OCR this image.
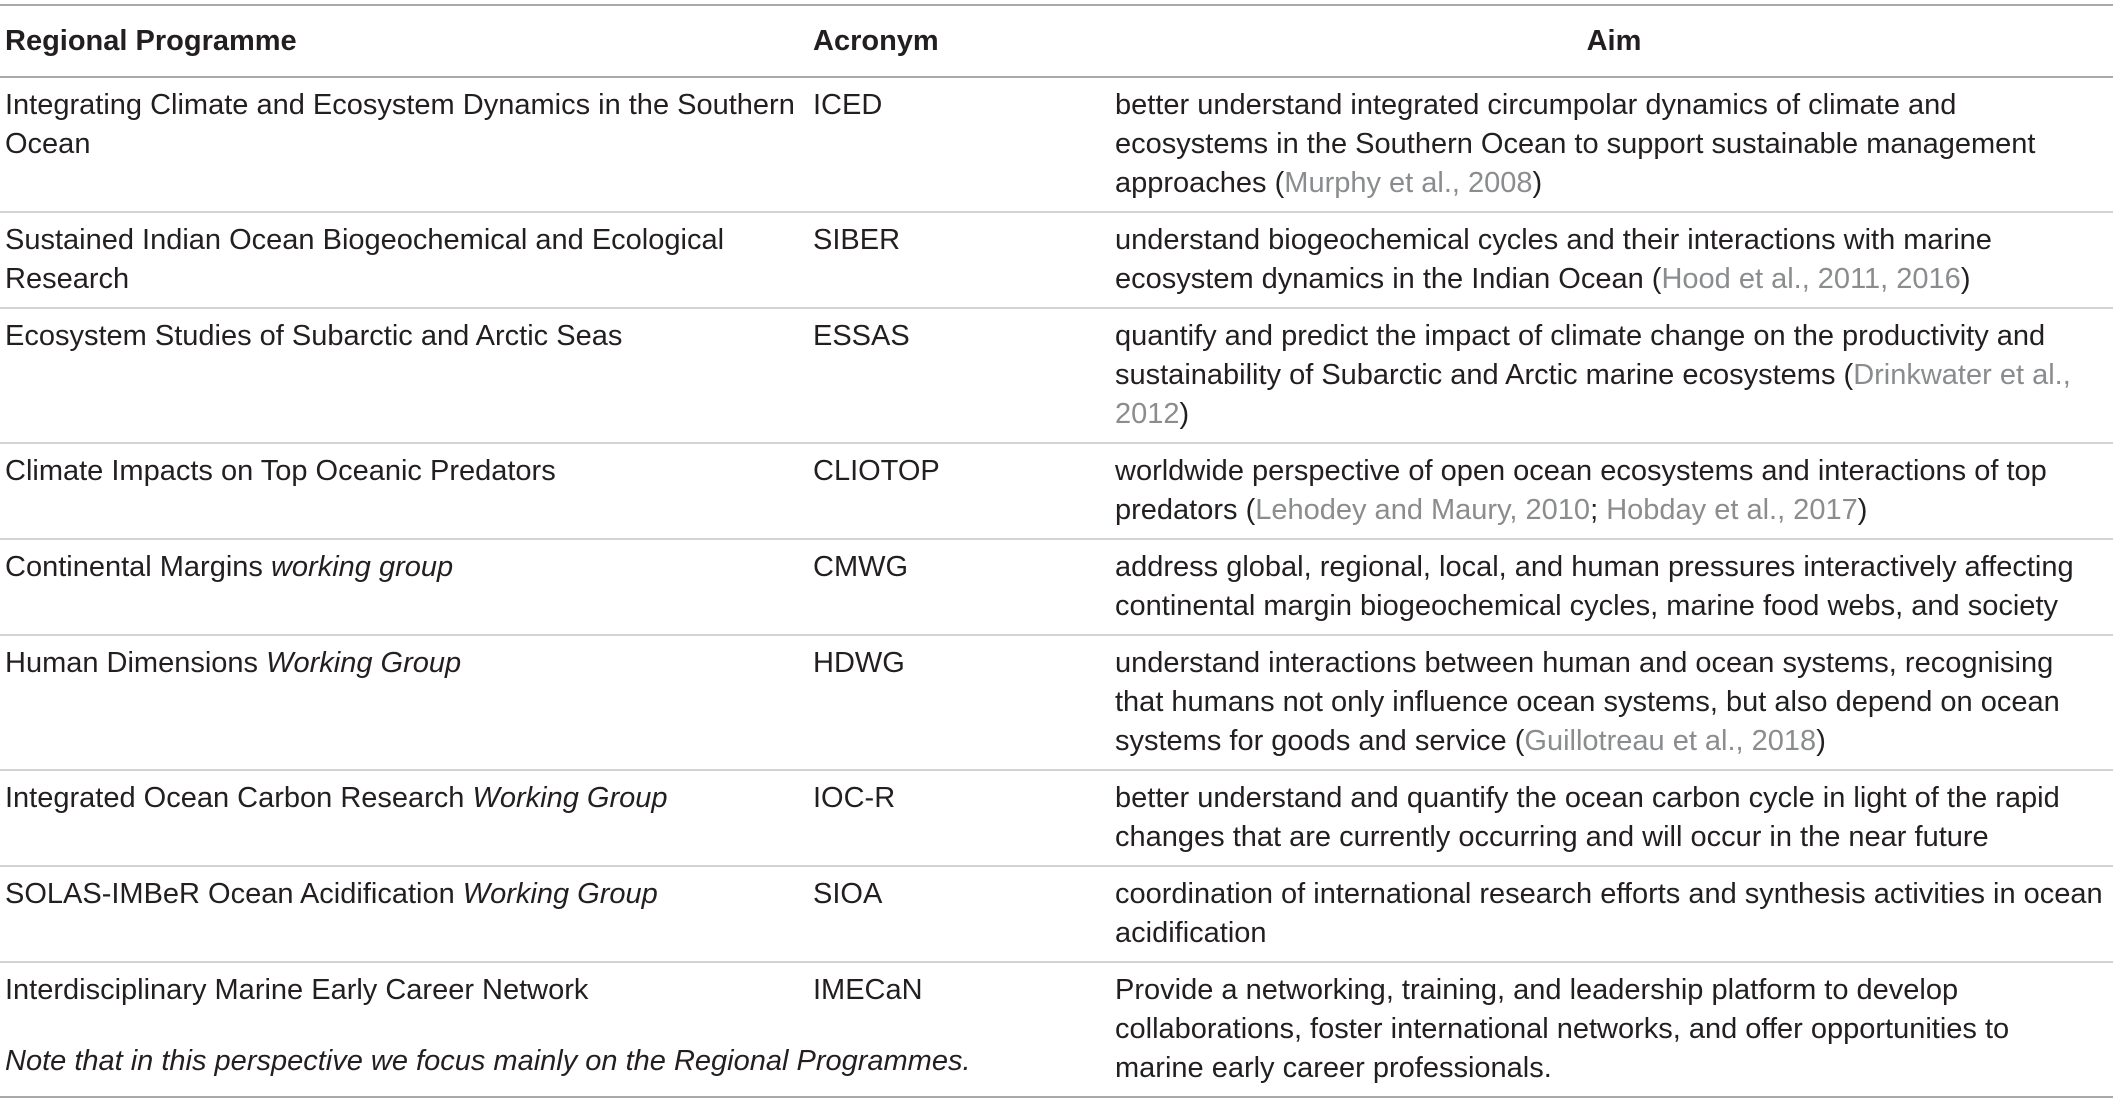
Regional Programme	Acronym	Aim
Integrating Climate and Ecosystem Dynamics in the Southern Ocean	ICED	better understand integrated circumpolar dynamics of climate and ecosystems in the Southern Ocean to support sustainable management approaches (Murphy et al., 2008)
Sustained Indian Ocean Biogeochemical and Ecological Research	SIBER	understand biogeochemical cycles and their interactions with marine ecosystem dynamics in the Indian Ocean (Hood et al., 2011, 2016)
Ecosystem Studies of Subarctic and Arctic Seas	ESSAS	quantify and predict the impact of climate change on the productivity and sustainability of Subarctic and Arctic marine ecosystems (Drinkwater et al., 2012)
Climate Impacts on Top Oceanic Predators	CLIOTOP	worldwide perspective of open ocean ecosystems and interactions of top predators (Lehodey and Maury, 2010; Hobday et al., 2017)
Continental Margins working group	CMWG	address global, regional, local, and human pressures interactively affecting continental margin biogeochemical cycles, marine food webs, and society
Human Dimensions Working Group	HDWG	understand interactions between human and ocean systems, recognising that humans not only influence ocean systems, but also depend on ocean systems for goods and service (Guillotreau et al., 2018)
Integrated Ocean Carbon Research Working Group	IOC-R	better understand and quantify the ocean carbon cycle in light of the rapid changes that are currently occurring and will occur in the near future
SOLAS-IMBeR Ocean Acidification Working Group	SIOA	coordination of international research efforts and synthesis activities in ocean acidification
Interdisciplinary Marine Early Career Network	IMECaN	Provide a networking, training, and leadership platform to develop collaborations, foster international networks, and offer opportunities to marine early career professionals.
Note that in this perspective we focus mainly on the Regional Programmes.
